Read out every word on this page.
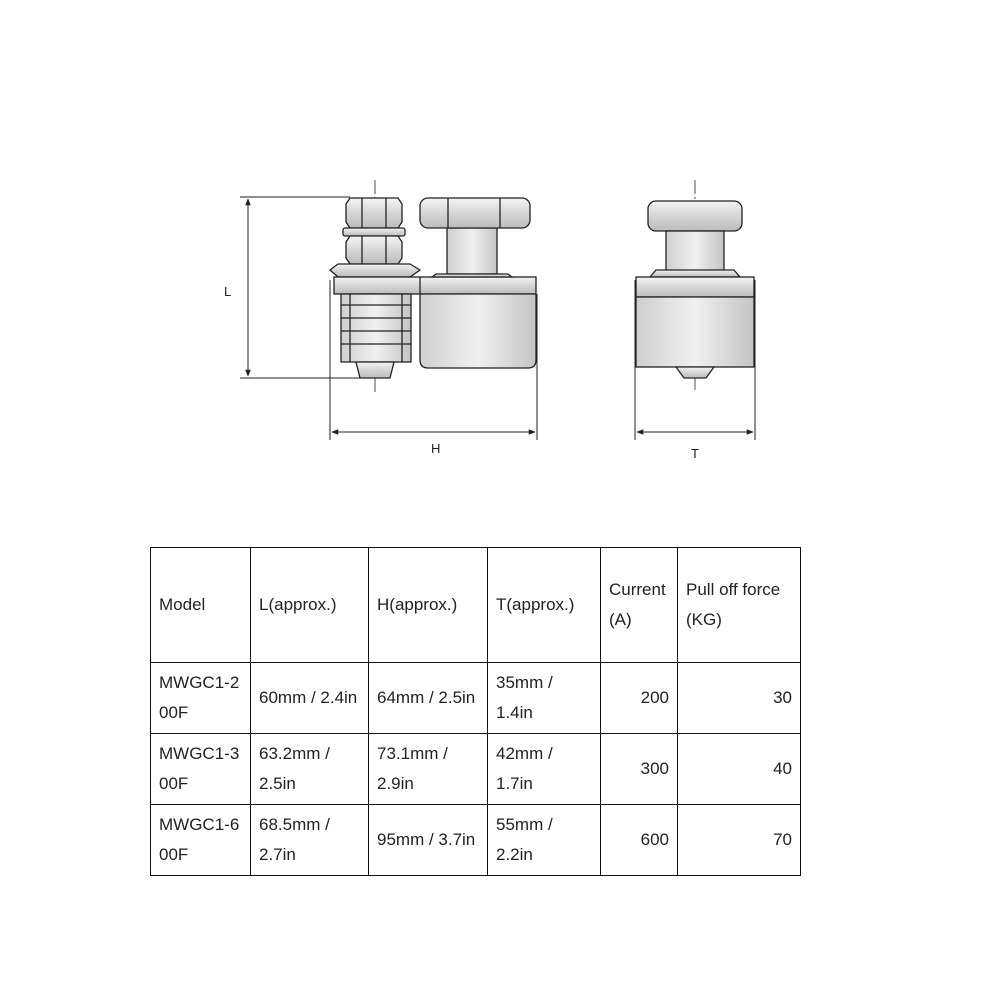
L
H	T
Model	L(approx.)	H(approx.)	T(approx.)	Current (A)	Pull off force (KG)
MWGC1-200F	60mm / 2.4in	64mm / 2.5in	35mm / 1.4in	200	30
MWGC1-300F	63.2mm / 2.5in	73.1mm / 2.9in	42mm / 1.7in	300	40
MWGC1-600F	68.5mm / 2.7in	95mm / 3.7in	55mm / 2.2in	600	70
